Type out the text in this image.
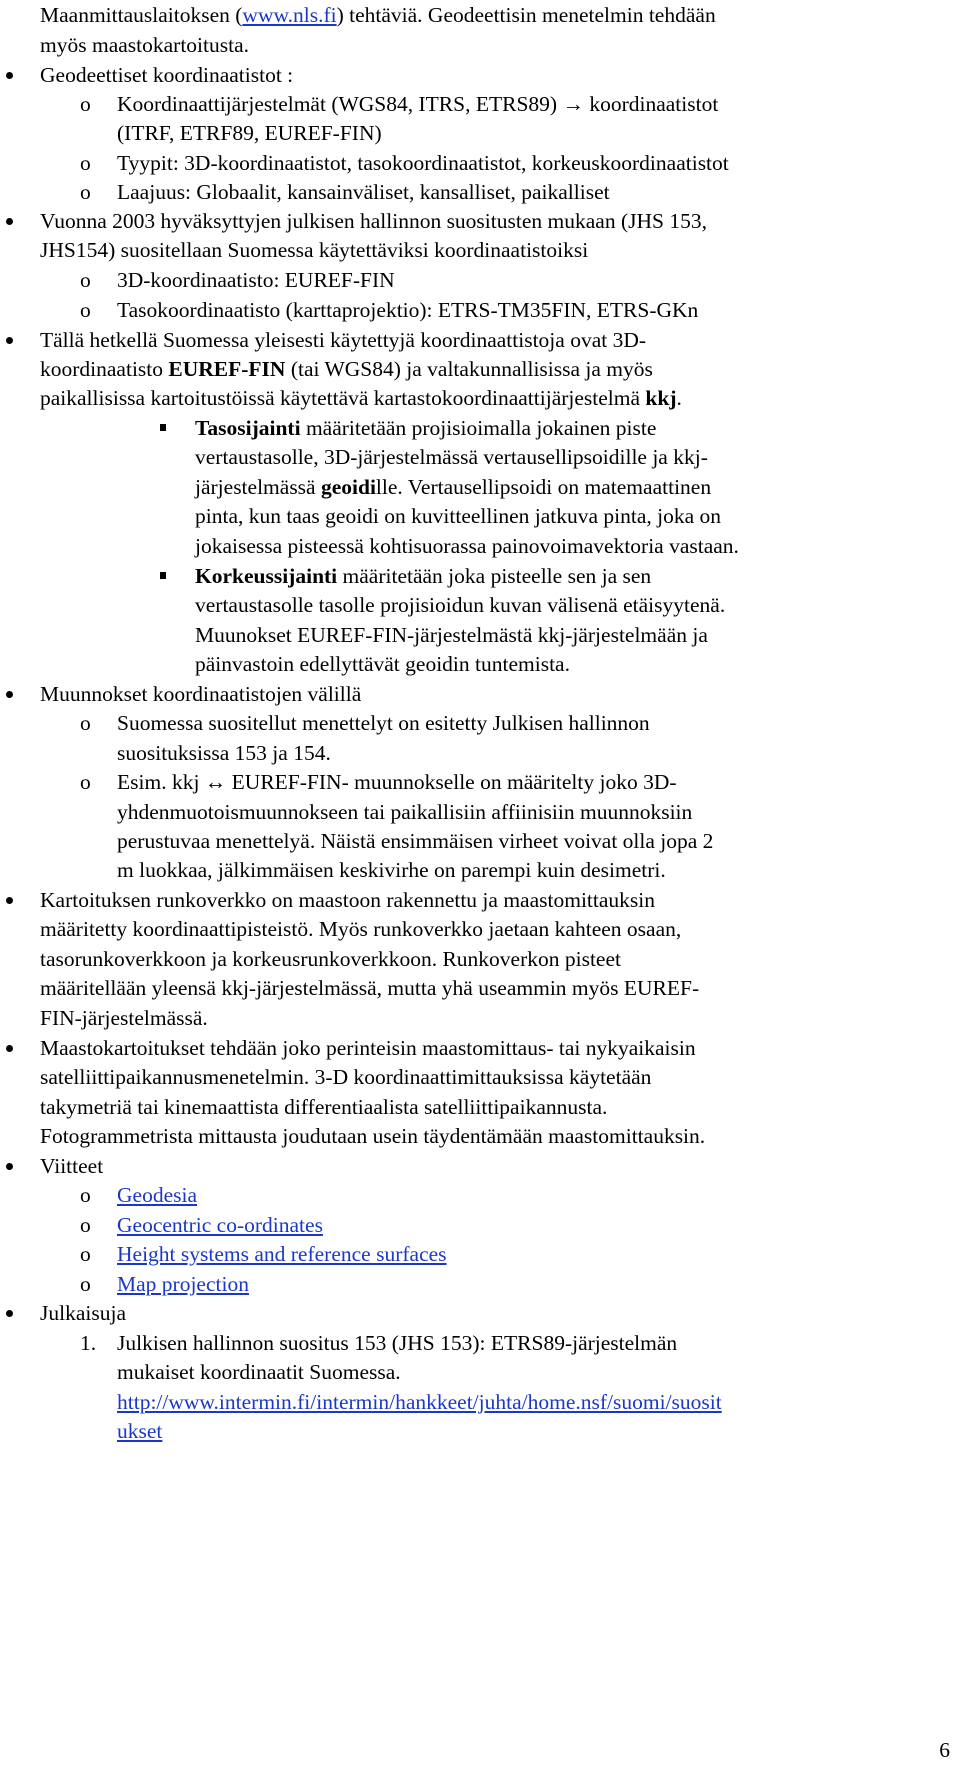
Maanmittauslaitoksen (www.nls.fi) tehtäviä. Geodeettisin menetelmin tehdään
myös maastokartoitusta.
Geodeettiset koordinaatistot :
o Koordinaattijärjestelmät (WGS84, ITRS, ETRS89) → koordinaatistot
(ITRF, ETRF89, EUREF-FIN)
o Tyypit: 3D-koordinaatistot, tasokoordinaatistot, korkeuskoordinaatistot
o Laajuus: Globaalit, kansainväliset, kansalliset, paikalliset
Vuonna 2003 hyväksyttyjen julkisen hallinnon suositusten mukaan (JHS 153,
JHS154) suositellaan Suomessa käytettäviksi koordinaatistoiksi
o 3D-koordinaatisto: EUREF-FIN
o Tasokoordinaatisto (karttaprojektio): ETRS-TM35FIN, ETRS-GKn
Tällä hetkellä Suomessa yleisesti käytettyjä koordinaattistoja ovat 3D-
koordinaatisto EUREF-FIN (tai WGS84) ja valtakunnallisissa ja myös
paikallisissa kartoitustöissä käytettävä kartastokoordinaattijärjestelmä kkj.
Tasosijainti määritetään projisioimalla jokainen piste
vertaustasolle, 3D-järjestelmässä vertausellipsoidille ja kkj-
järjestelmässä geoidille. Vertausellipsoidi on matemaattinen
pinta, kun taas geoidi on kuvitteellinen jatkuva pinta, joka on
jokaisessa pisteessä kohtisuorassa painovoimavektoria vastaan.
Korkeussijainti määritetään joka pisteelle sen ja sen
vertaustasolle tasolle projisioidun kuvan välisenä etäisyytenä.
Muunokset EUREF-FIN-järjestelmästä kkj-järjestelmään ja
päinvastoin edellyttävät geoidin tuntemista.
Muunnokset koordinaatistojen välillä
o Suomessa suositellut menettelyt on esitetty Julkisen hallinnon
suosituksissa 153 ja 154.
o Esim. kkj ↔ EUREF-FIN- muunnokselle on määritelty joko 3D-
yhdenmuotoismuunnokseen tai paikallisiin affiinisiin muunnoksiin
perustuvaa menettelyä. Näistä ensimmäisen virheet voivat olla jopa 2
m luokkaa, jälkimmäisen keskivirhe on parempi kuin desimetri.
Kartoituksen runkoverkko on maastoon rakennettu ja maastomittauksin
määritetty koordinaattipisteistö. Myös runkoverkko jaetaan kahteen osaan,
tasorunkoverkkoon ja korkeusrunkoverkkoon. Runkoverkon pisteet
määritellään yleensä kkj-järjestelmässä, mutta yhä useammin myös EUREF-
FIN-järjestelmässä.
Maastokartoitukset tehdään joko perinteisin maastomittaus- tai nykyaikaisin
satelliittipaikannusmenetelmin. 3-D koordinaattimittauksissa käytetään
takymetriä tai kinemaattista differentiaalista satelliittipaikannusta.
Fotogrammetrista mittausta joudutaan usein täydentämään maastomittauksin.
Viitteet
o Geodesia
o Geocentric co-ordinates
o Height systems and reference surfaces
o Map projection
Julkaisuja
1. Julkisen hallinnon suositus 153 (JHS 153): ETRS89-järjestelmän
mukaiset koordinaatit Suomessa.
http://www.intermin.fi/intermin/hankkeet/juhta/home.nsf/suomi/suosit
ukset
6
